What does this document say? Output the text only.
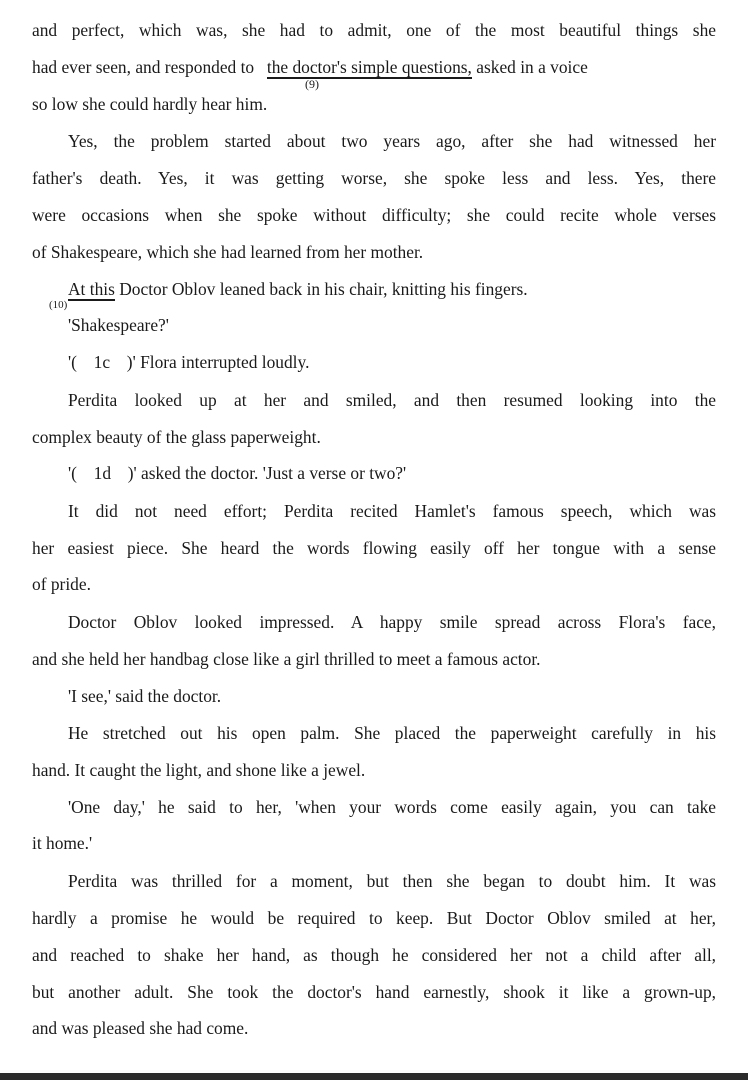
and perfect, which was, she had to admit, one of the most beautiful things she
had ever seen, and responded to the doctor's simple questions, asked in a voice
(9)
so low she could hardly hear him.
Yes, the problem started about two years ago, after she had witnessed her
father's death. Yes, it was getting worse, she spoke less and less. Yes, there
were occasions when she spoke without difficulty; she could recite whole verses
of Shakespeare, which she had learned from her mother.
At this Doctor Oblov leaned back in his chair, knitting his fingers.
(10)
'Shakespeare?'
'( 1c )' Flora interrupted loudly.
Perdita looked up at her and smiled, and then resumed looking into the
complex beauty of the glass paperweight.
'( 1d )' asked the doctor. 'Just a verse or two?'
It did not need effort; Perdita recited Hamlet's famous speech, which was
her easiest piece. She heard the words flowing easily off her tongue with a sense
of pride.
Doctor Oblov looked impressed. A happy smile spread across Flora's face,
and she held her handbag close like a girl thrilled to meet a famous actor.
'I see,' said the doctor.
He stretched out his open palm. She placed the paperweight carefully in his
hand. It caught the light, and shone like a jewel.
'One day,' he said to her, 'when your words come easily again, you can take
it home.'
Perdita was thrilled for a moment, but then she began to doubt him. It was
hardly a promise he would be required to keep. But Doctor Oblov smiled at her,
and reached to shake her hand, as though he considered her not a child after all,
but another adult. She took the doctor's hand earnestly, shook it like a grown-up,
and was pleased she had come.
